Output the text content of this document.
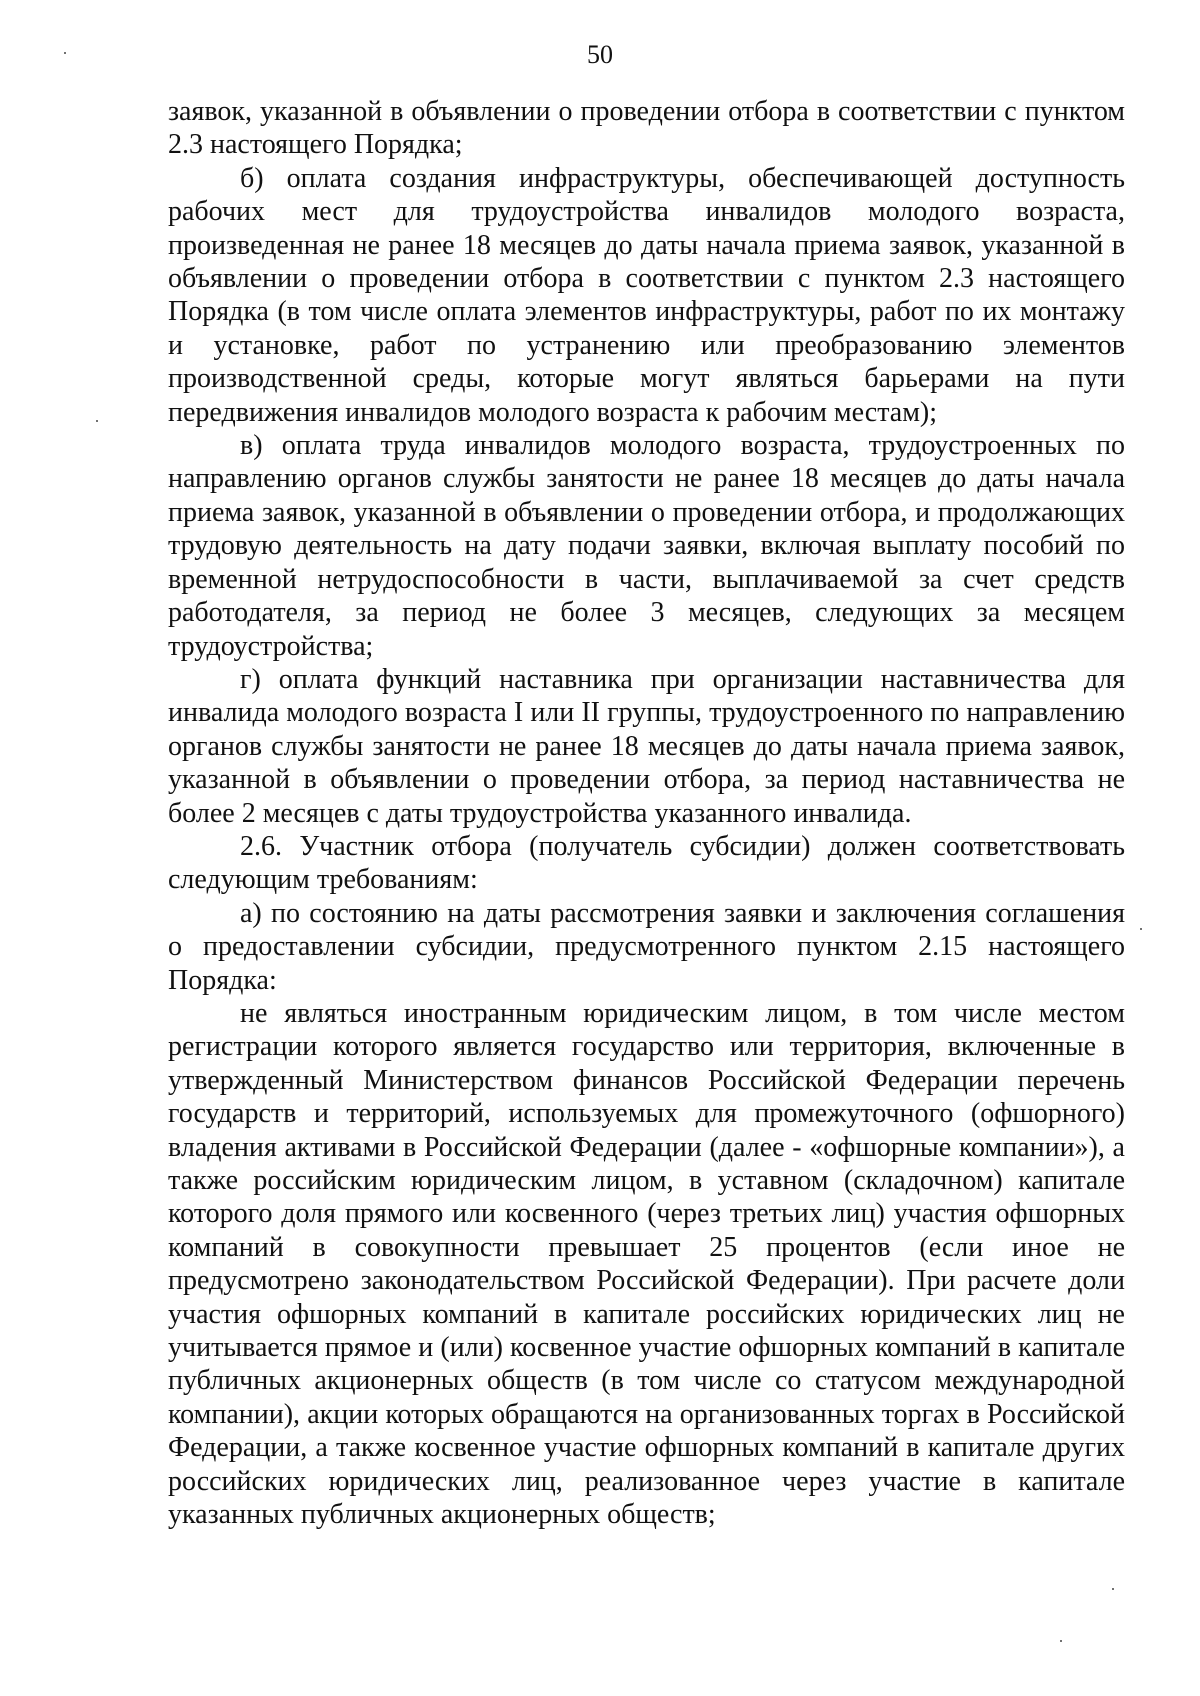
50

заявок, указанной в объявлении о проведении отбора в соответствии с пунктом 2.3 настоящего Порядка;

б) оплата создания инфраструктуры, обеспечивающей доступность рабочих мест для трудоустройства инвалидов молодого возраста, произведенная не ранее 18 месяцев до даты начала приема заявок, указанной в объявлении о проведении отбора в соответствии с пунктом 2.3 настоящего Порядка (в том числе оплата элементов инфраструктуры, работ по их монтажу и установке, работ по устранению или преобразованию элементов производственной среды, которые могут являться барьерами на пути передвижения инвалидов молодого возраста к рабочим местам);

в) оплата труда инвалидов молодого возраста, трудоустроенных по направлению органов службы занятости не ранее 18 месяцев до даты начала приема заявок, указанной в объявлении о проведении отбора, и продолжающих трудовую деятельность на дату подачи заявки, включая выплату пособий по временной нетрудоспособности в части, выплачиваемой за счет средств работодателя, за период не более 3 месяцев, следующих за месяцем трудоустройства;

г) оплата функций наставника при организации наставничества для инвалида молодого возраста I или II группы, трудоустроенного по направлению органов службы занятости не ранее 18 месяцев до даты начала приема заявок, указанной в объявлении о проведении отбора, за период наставничества не более 2 месяцев с даты трудоустройства указанного инвалида.

2.6. Участник отбора (получатель субсидии) должен соответствовать следующим требованиям:

а) по состоянию на даты рассмотрения заявки и заключения соглашения о предоставлении субсидии, предусмотренного пунктом 2.15 настоящего Порядка:

не являться иностранным юридическим лицом, в том числе местом регистрации которого является государство или территория, включенные в утвержденный Министерством финансов Российской Федерации перечень государств и территорий, используемых для промежуточного (офшорного) владения активами в Российской Федерации (далее - «офшорные компании»), а также российским юридическим лицом, в уставном (складочном) капитале которого доля прямого или косвенного (через третьих лиц) участия офшорных компаний в совокупности превышает 25 процентов (если иное не предусмотрено законодательством Российской Федерации). При расчете доли участия офшорных компаний в капитале российских юридических лиц не учитывается прямое и (или) косвенное участие офшорных компаний в капитале публичных акционерных обществ (в том числе со статусом международной компании), акции которых обращаются на организованных торгах в Российской Федерации, а также косвенное участие офшорных компаний в капитале других российских юридических лиц, реализованное через участие в капитале указанных публичных акционерных обществ;
